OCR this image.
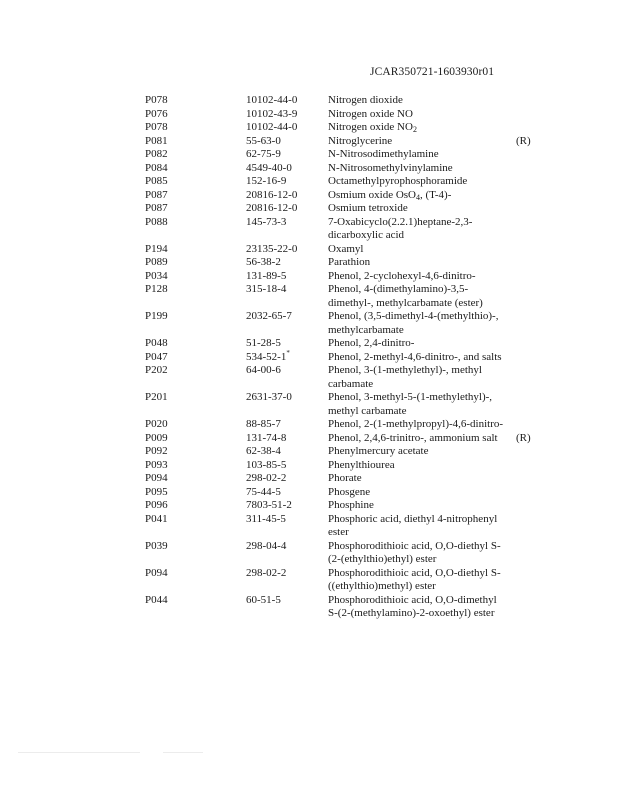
JCAR350721-1603930r01
P078	10102-44-0	Nitrogen dioxide
P076	10102-43-9	Nitrogen oxide NO
P078	10102-44-0	Nitrogen oxide $NO_2$
P081	55-63-0	Nitroglycerine	(R)
P082	62-75-9	N-Nitrosodimethylamine
P084	4549-40-0	N-Nitrosomethylvinylamine
P085	152-16-9	Octamethylpyrophosphoramide
P087	20816-12-0	Osmium oxide OsO$_4$, (T-4)-
P087	20816-12-0	Osmium tetroxide
P088	145-73-3	7-Oxabicyclo(2.2.1)heptane-2,3-dicarboxylic acid
P194	23135-22-0	Oxamyl
P089	56-38-2	Parathion
P034	131-89-5	Phenol, 2-cyclohexyl-4,6-dinitro-
P128	315-18-4	Phenol, 4-(dimethylamino)-3,5-dimethyl-, methylcarbamate (ester)
P199	2032-65-7	Phenol, (3,5-dimethyl-4-(methylthio)-, methylcarbamate
P048	51-28-5	Phenol, 2,4-dinitro-
P047	534-52-1*	Phenol, 2-methyl-4,6-dinitro-, and salts
P202	64-00-6	Phenol, 3-(1-methylethyl)-, methyl carbamate
P201	2631-37-0	Phenol, 3-methyl-5-(1-methylethyl)-, methyl carbamate
P020	88-85-7	Phenol, 2-(1-methylpropyl)-4,6-dinitro-
P009	131-74-8	Phenol, 2,4,6-trinitro-, ammonium salt	(R)
P092	62-38-4	Phenylmercury acetate
P093	103-85-5	Phenylthiourea
P094	298-02-2	Phorate
P095	75-44-5	Phosgene
P096	7803-51-2	Phosphine
P041	311-45-5	Phosphoric acid, diethyl 4-nitrophenyl ester
P039	298-04-4	Phosphorodithioic acid, O,O-diethyl S-(2-(ethylthio)ethyl) ester
P094	298-02-2	Phosphorodithioic acid, O,O-diethyl S-((ethylthio)methyl) ester
P044	60-51-5	Phosphorodithioic acid, O,O-dimethyl S-(2-(methylamino)-2-oxoethyl) ester
